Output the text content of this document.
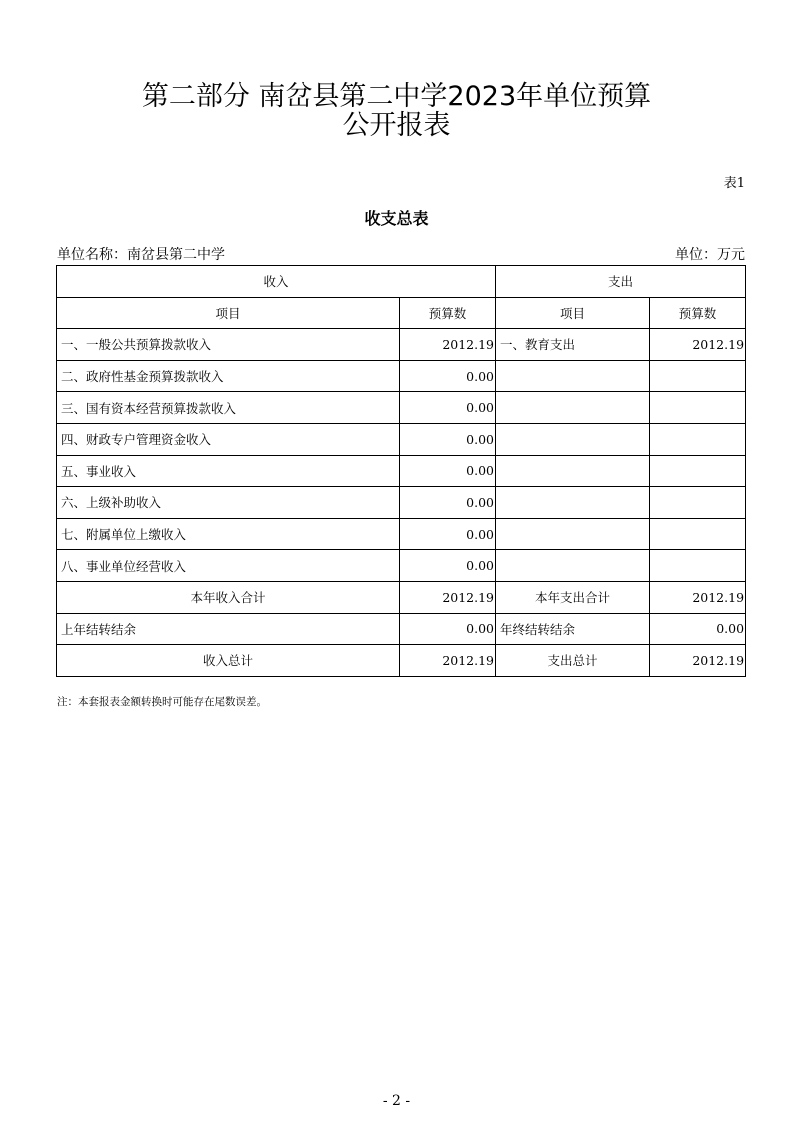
第二部分 南岔县第二中学2023年单位预算
公开报表
表1
收支总表
单位名称：南岔县第二中学	单位：万元
收入		支出	
项目	预算数	项目	预算数
一、一般公共预算拨款收入	2012.19	一、教育支出	2012.19
二、政府性基金预算拨款收入	0.00		
三、国有资本经营预算拨款收入	0.00		
四、财政专户管理资金收入	0.00		
五、事业收入	0.00		
六、上级补助收入	0.00		
七、附属单位上缴收入	0.00		
八、事业单位经营收入	0.00		
本年收入合计	2012.19	本年支出合计	2012.19
上年结转结余	0.00	年终结转结余	0.00
收入总计	2012.19	支出总计	2012.19
注：本套报表金额转换时可能存在尾数误差。
- 2 -
